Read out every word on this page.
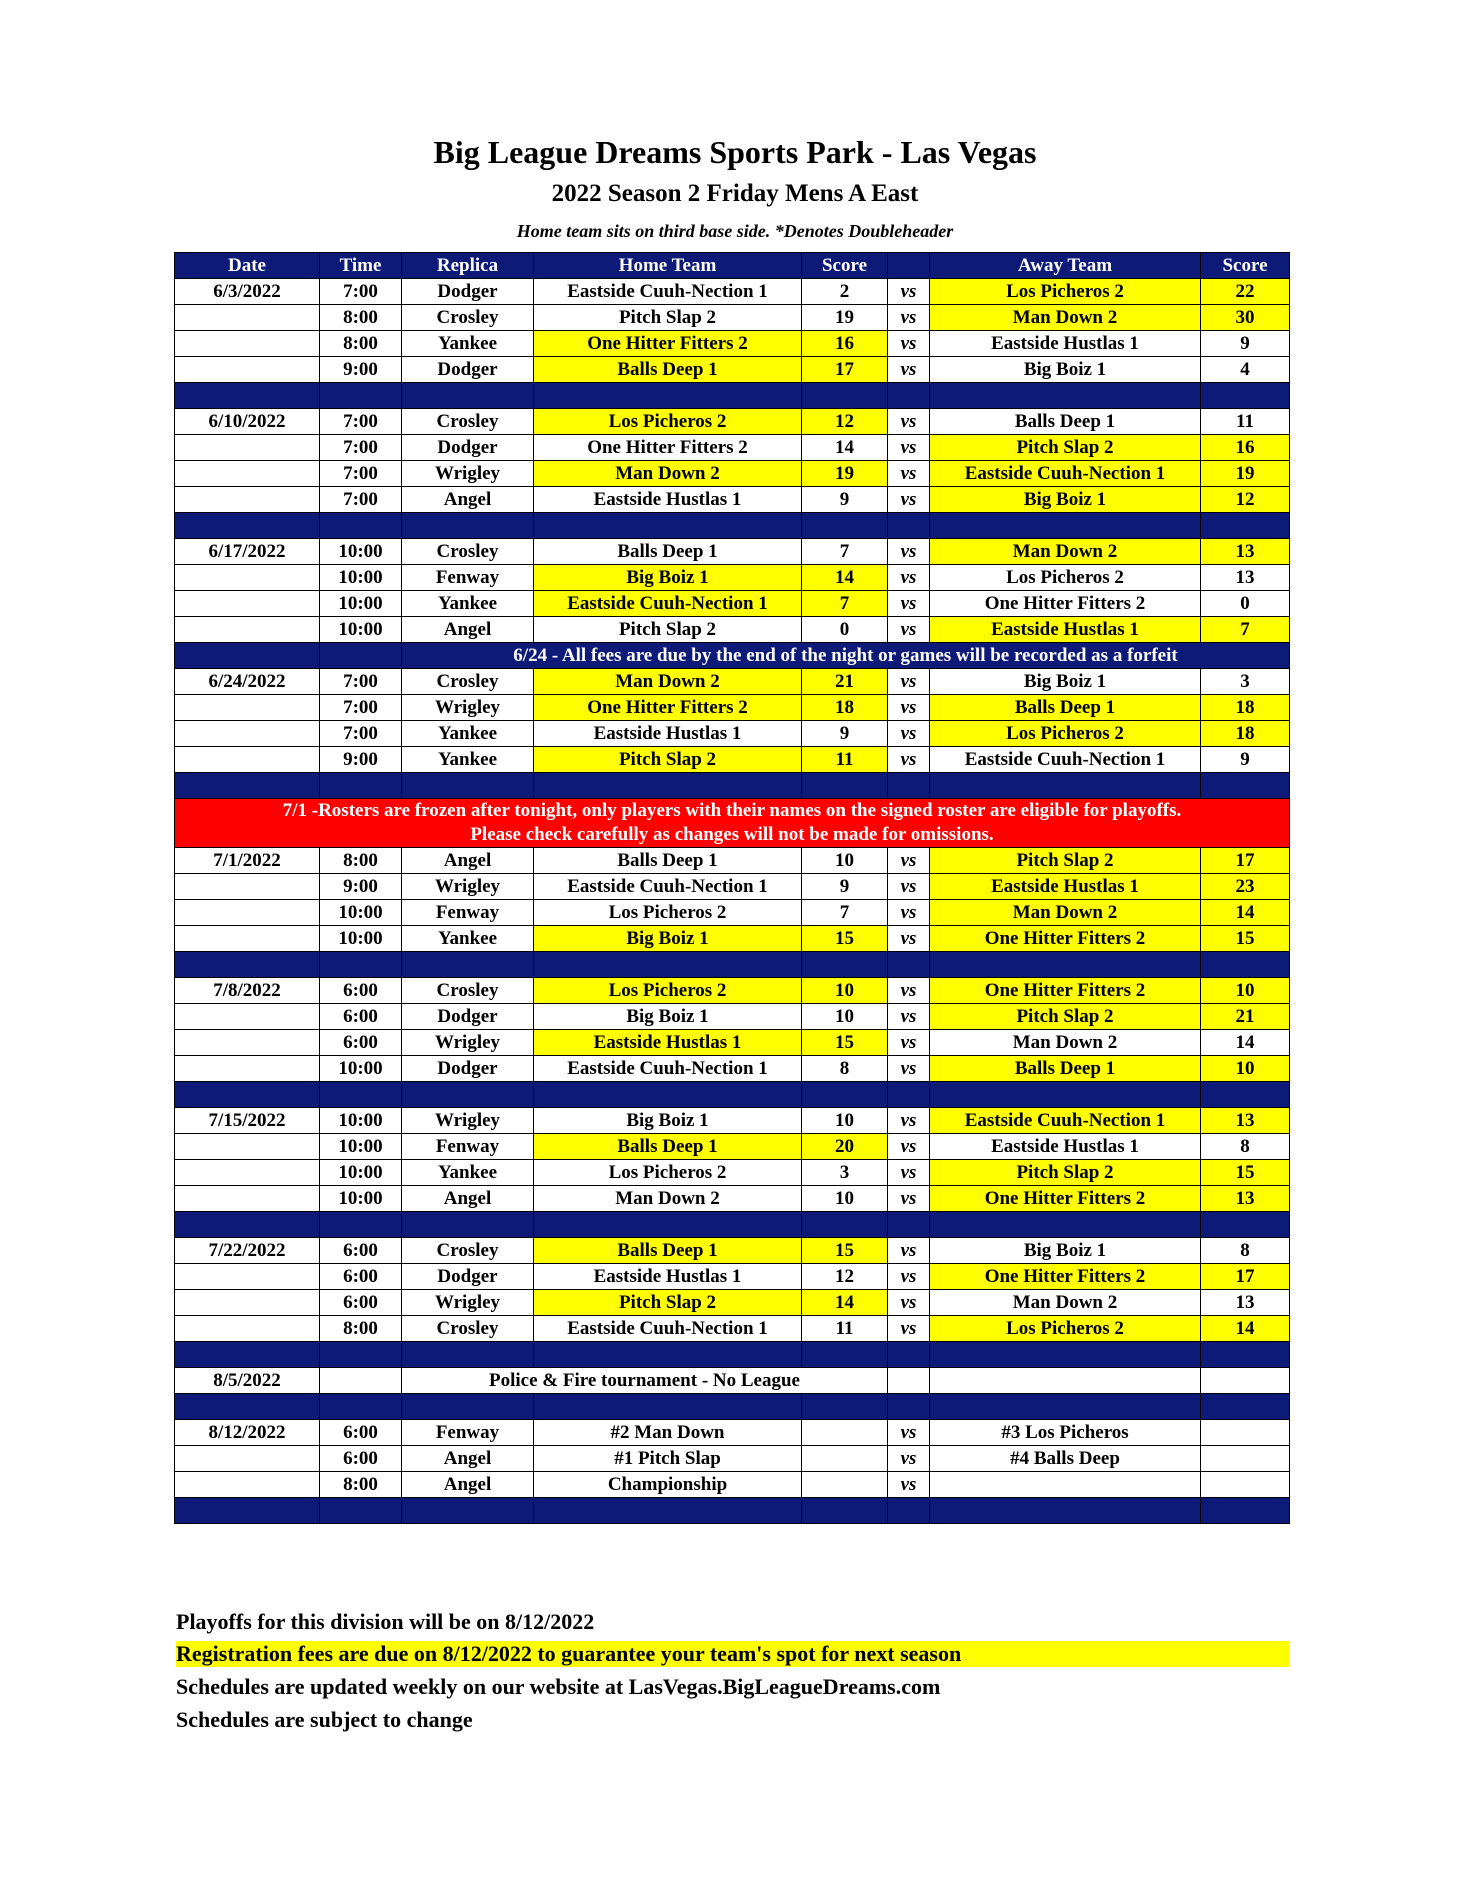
Big League Dreams Sports Park - Las Vegas
2022 Season 2 Friday Mens A East
Home team sits on third base side. *Denotes Doubleheader
Date	Time	Replica	Home Team	Score		Away Team	Score
6/3/2022	7:00	Dodger	Eastside Cuuh-Nection 1	2	vs	Los Picheros 2	22
	8:00	Crosley	Pitch Slap 2	19	vs	Man Down 2	30
	8:00	Yankee	One Hitter Fitters 2	16	vs	Eastside Hustlas 1	9
	9:00	Dodger	Balls Deep 1	17	vs	Big Boiz 1	4

6/10/2022	7:00	Crosley	Los Picheros 2	12	vs	Balls Deep 1	11
	7:00	Dodger	One Hitter Fitters 2	14	vs	Pitch Slap 2	16
	7:00	Wrigley	Man Down 2	19	vs	Eastside Cuuh-Nection 1	19
	7:00	Angel	Eastside Hustlas 1	9	vs	Big Boiz 1	12

6/17/2022	10:00	Crosley	Balls Deep 1	7	vs	Man Down 2	13
	10:00	Fenway	Big Boiz 1	14	vs	Los Picheros 2	13
	10:00	Yankee	Eastside Cuuh-Nection 1	7	vs	One Hitter Fitters 2	0
	10:00	Angel	Pitch Slap 2	0	vs	Eastside Hustlas 1	7
		6/24 - All fees are due by the end of the night or games will be recorded as a forfeit					
6/24/2022	7:00	Crosley	Man Down 2	21	vs	Big Boiz 1	3
	7:00	Wrigley	One Hitter Fitters 2	18	vs	Balls Deep 1	18
	7:00	Yankee	Eastside Hustlas 1	9	vs	Los Picheros 2	18
	9:00	Yankee	Pitch Slap 2	11	vs	Eastside Cuuh-Nection 1	9

7/1 -Rosters are frozen after tonight, only players with their names on the signed roster are eligible for playoffs.
Please check carefully as changes will not be made for omissions.							

7/1/2022	8:00	Angel	Balls Deep 1	10	vs	Pitch Slap 2	17
	9:00	Wrigley	Eastside Cuuh-Nection 1	9	vs	Eastside Hustlas 1	23
	10:00	Fenway	Los Picheros 2	7	vs	Man Down 2	14
	10:00	Yankee	Big Boiz 1	15	vs	One Hitter Fitters 2	15

7/8/2022	6:00	Crosley	Los Picheros 2	10	vs	One Hitter Fitters 2	10
	6:00	Dodger	Big Boiz 1	10	vs	Pitch Slap 2	21
	6:00	Wrigley	Eastside Hustlas 1	15	vs	Man Down 2	14
	10:00	Dodger	Eastside Cuuh-Nection 1	8	vs	Balls Deep 1	10

7/15/2022	10:00	Wrigley	Big Boiz 1	10	vs	Eastside Cuuh-Nection 1	13
	10:00	Fenway	Balls Deep 1	20	vs	Eastside Hustlas 1	8
	10:00	Yankee	Los Picheros 2	3	vs	Pitch Slap 2	15
	10:00	Angel	Man Down 2	10	vs	One Hitter Fitters 2	13

7/22/2022	6:00	Crosley	Balls Deep 1	15	vs	Big Boiz 1	8
	6:00	Dodger	Eastside Hustlas 1	12	vs	One Hitter Fitters 2	17
	6:00	Wrigley	Pitch Slap 2	14	vs	Man Down 2	13
	8:00	Crosley	Eastside Cuuh-Nection 1	11	vs	Los Picheros 2	14

8/5/2022		Police & Fire tournament - No League					

8/12/2022	6:00	Fenway	#2 Man Down		vs	#3 Los Picheros	
	6:00	Angel	#1 Pitch Slap		vs	#4 Balls Deep	
	8:00	Angel	Championship		vs		

Playoffs for this division will be on 8/12/2022
Registration fees are due on 8/12/2022 to guarantee your team's spot for next season
Schedules are updated weekly on our website at LasVegas.BigLeagueDreams.com
Schedules are subject to change
